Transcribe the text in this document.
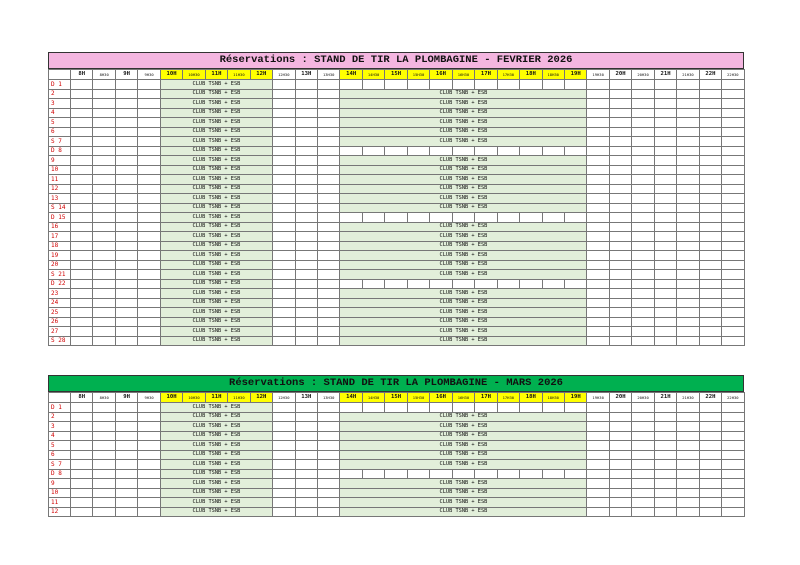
Réservations : STAND DE TIR LA PLOMBAGINE - FEVRIER 2026
	8H	8H30	9H	9H30	10H	10H30	11H	11H30	12H	12H30	13H	13H30	14H	14H30	15H	15H30	16H	16H30	17H	17H30	18H	18H30	19H	19H30	20H	20H30	21H	21H30	22H	22H30
D 1					CLUB TSNB + ESB																									
2					CLUB TSNB + ESB								CLUB TSNB + ESB																	
3					CLUB TSNB + ESB								CLUB TSNB + ESB																	
4					CLUB TSNB + ESB								CLUB TSNB + ESB																	
5					CLUB TSNB + ESB								CLUB TSNB + ESB																	
6					CLUB TSNB + ESB								CLUB TSNB + ESB																	
S 7					CLUB TSNB + ESB								CLUB TSNB + ESB																	
D 8					CLUB TSNB + ESB																									
9					CLUB TSNB + ESB								CLUB TSNB + ESB																	
10					CLUB TSNB + ESB								CLUB TSNB + ESB																	
11					CLUB TSNB + ESB								CLUB TSNB + ESB																	
12					CLUB TSNB + ESB								CLUB TSNB + ESB																	
13					CLUB TSNB + ESB								CLUB TSNB + ESB																	
S 14					CLUB TSNB + ESB								CLUB TSNB + ESB																	
D 15					CLUB TSNB + ESB																									
16					CLUB TSNB + ESB								CLUB TSNB + ESB																	
17					CLUB TSNB + ESB								CLUB TSNB + ESB																	
18					CLUB TSNB + ESB								CLUB TSNB + ESB																	
19					CLUB TSNB + ESB								CLUB TSNB + ESB																	
20					CLUB TSNB + ESB								CLUB TSNB + ESB																	
S 21					CLUB TSNB + ESB								CLUB TSNB + ESB																	
D 22					CLUB TSNB + ESB																									
23					CLUB TSNB + ESB								CLUB TSNB + ESB																	
24					CLUB TSNB + ESB								CLUB TSNB + ESB																	
25					CLUB TSNB + ESB								CLUB TSNB + ESB																	
26					CLUB TSNB + ESB								CLUB TSNB + ESB																	
27					CLUB TSNB + ESB								CLUB TSNB + ESB																	
S 28					CLUB TSNB + ESB								CLUB TSNB + ESB																	
Réservations : STAND DE TIR LA PLOMBAGINE - MARS 2026
	8H	8H30	9H	9H30	10H	10H30	11H	11H30	12H	12H30	13H	13H30	14H	14H30	15H	15H30	16H	16H30	17H	17H30	18H	18H30	19H	19H30	20H	20H30	21H	21H30	22H	22H30
D 1					CLUB TSNB + ESB																									
2					CLUB TSNB + ESB								CLUB TSNB + ESB																	
3					CLUB TSNB + ESB								CLUB TSNB + ESB																	
4					CLUB TSNB + ESB								CLUB TSNB + ESB																	
5					CLUB TSNB + ESB								CLUB TSNB + ESB																	
6					CLUB TSNB + ESB								CLUB TSNB + ESB																	
S 7					CLUB TSNB + ESB								CLUB TSNB + ESB																	
D 8					CLUB TSNB + ESB																									
9					CLUB TSNB + ESB								CLUB TSNB + ESB																	
10					CLUB TSNB + ESB								CLUB TSNB + ESB																	
11					CLUB TSNB + ESB								CLUB TSNB + ESB																	
12					CLUB TSNB + ESB								CLUB TSNB + ESB																	
